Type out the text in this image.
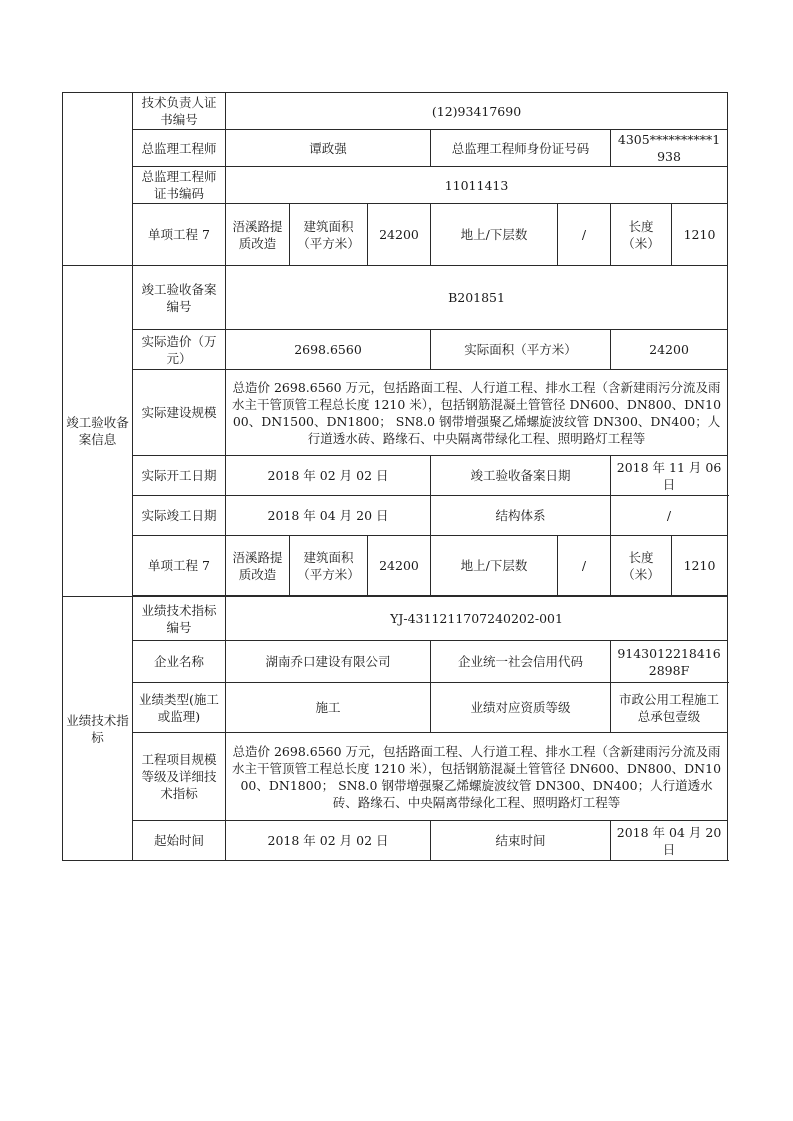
	技术负责人证书编号	(12)93417690						
	总监理工程师	谭政强			总监理工程师身份证号码		4305**********1938	
	总监理工程师证书编码	11011413						
	单项工程 7	浯溪路提质改造	建筑面积（平方米）	24200	地上/下层数	/	长度（米）	1210
竣工验收备案信息	竣工验收备案编号	B201851						
	实际造价（万元）	2698.6560			实际面积（平方米）		24200	
	实际建设规模	总造价 2698.6560 万元，包括路面工程、人行道工程、排水工程（含新建雨污分流及雨水主干管顶管工程总长度 1210 米），包括钢筋混凝土管管径 DN600、DN800、DN1000、DN1500、DN1800； SN8.0 钢带增强聚乙烯螺旋波纹管 DN300、DN400；人行道透水砖、路缘石、中央隔离带绿化工程、照明路灯工程等						
	实际开工日期	2018 年 02 月 02 日			竣工验收备案日期		2018 年 11 月 06 日	
	实际竣工日期	2018 年 04 月 20 日			结构体系		/	
	单项工程 7	浯溪路提质改造	建筑面积（平方米）	24200	地上/下层数	/	长度（米）	1210

业绩技术指标	业绩技术指标编号	YJ-4311211707240202-001						
	企业名称	湖南乔口建设有限公司			企业统一社会信用代码		91430122184162898F	
	业绩类型(施工或监理)	施工			业绩对应资质等级		市政公用工程施工总承包壹级	
	工程项目规模等级及详细技术指标	总造价 2698.6560 万元，包括路面工程、人行道工程、排水工程（含新建雨污分流及雨水主干管顶管工程总长度 1210 米），包括钢筋混凝土管管径 DN600、DN800、DN1000、DN1800； SN8.0 钢带增强聚乙烯螺旋波纹管 DN300、DN400；人行道透水砖、路缘石、中央隔离带绿化工程、照明路灯工程等						
	起始时间	2018 年 02 月 02 日			结束时间		2018 年 04 月 20 日	
